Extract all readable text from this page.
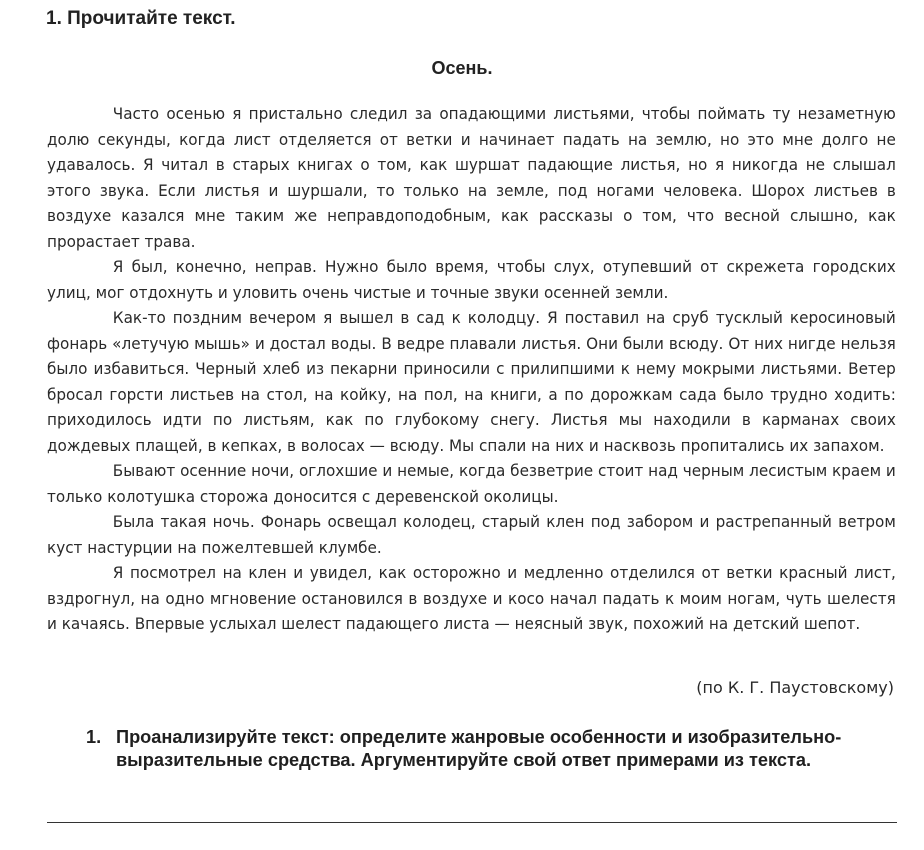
1. Прочитайте текст.
Осень.

Часто осенью я пристально следил за опадающими листьями, чтобы поймать ту незаметную долю секунды, когда лист отделяется от ветки и начинает падать на землю, но это мне долго не удавалось. Я читал в старых книгах о том, как шуршат падающие листья, но я никогда не слышал этого звука. Если листья и шуршали, то только на земле, под ногами человека. Шорох листьев в воздухе казался мне таким же неправдоподобным, как рассказы о том, что весной слышно, как прорастает трава.

Я был, конечно, неправ. Нужно было время, чтобы слух, отупевший от скрежета городских улиц, мог отдохнуть и уловить очень чистые и точные звуки осенней земли.

Как-то поздним вечером я вышел в сад к колодцу. Я поставил на сруб тусклый керосиновый фонарь «летучую мышь» и достал воды. В ведре плавали листья. Они были всюду. От них нигде нельзя было избавиться. Черный хлеб из пекарни приносили с прилипшими к нему мокрыми листьями. Ветер бросал горсти листьев на стол, на койку, на пол, на книги, а по дорожкам сада было трудно ходить: приходилось идти по листьям, как по глубокому снегу. Листья мы находили в карманах своих дождевых плащей, в кепках, в волосах — всюду. Мы спали на них и насквозь пропитались их запахом.

Бывают осенние ночи, оглохшие и немые, когда безветрие стоит над черным лесистым краем и только колотушка сторожа доносится с деревенской околицы.

Была такая ночь. Фонарь освещал колодец, старый клен под забором и растрепанный ветром куст настурции на пожелтевшей клумбе.

Я посмотрел на клен и увидел, как осторожно и медленно отделился от ветки красный лист, вздрогнул, на одно мгновение остановился в воздухе и косо начал падать к моим ногам, чуть шелестя и качаясь. Впервые услыхал шелест падающего листа — неясный звук, похожий на детский шепот.

(по К. Г. Паустовскому)

1. Проанализируйте текст: определите жанровые особенности и изобразительно- выразительные средства. Аргументируйте свой ответ примерами из текста.
